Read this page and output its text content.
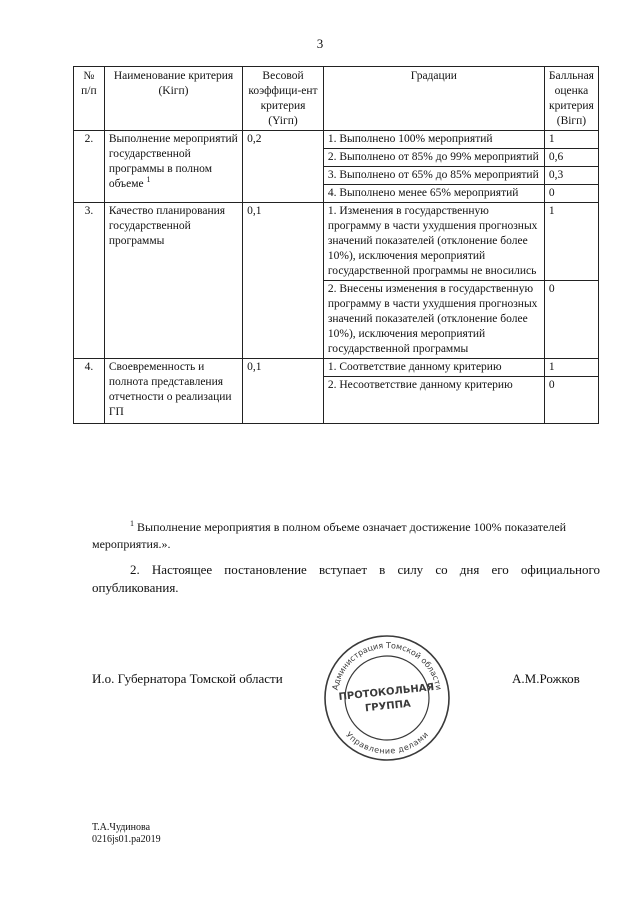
3
№ п/п	Наименование критерия (Kiгп)	Весовой коэффици-ент критерия (Yiгп)	Градации	Балльная оценка критерия (Biгп)
2.	Выполнение мероприятий государственной программы в полном объеме $^1$	0,2	1. Выполнено 100% мероприятий	1
			2. Выполнено от 85% до 99% мероприятий	0,6
			3. Выполнено от 65% до 85% мероприятий	0,3
			4. Выполнено менее 65% мероприятий	0
3.	Качество планирования государственной программы	0,1	1. Изменения в государственную программу в части ухудшения прогнозных значений показателей (отклонение более 10%), исключения мероприятий государственной программы не вносились	1
			2. Внесены изменения в государственную программу в части ухудшения прогнозных значений показателей (отклонение более 10%), исключения мероприятий государственной программы	0
4.	Своевременность и полнота представления отчетности о реализации ГП	0,1	1. Соответствие данному критерию	1
			2. Несоответствие данному критерию	0
$^1$ Выполнение мероприятия в полном объеме означает достижение 100% показателей мероприятия.».
2. Настоящее постановление вступает в силу со дня его официального опубликования.
И.о. Губернатора Томской области	А.М.Рожков
Администрация Томской области
Управление делами
ПРОТОКОЛЬНАЯ
ГРУППА
Т.А.Чудинова
0216js01.pa2019
